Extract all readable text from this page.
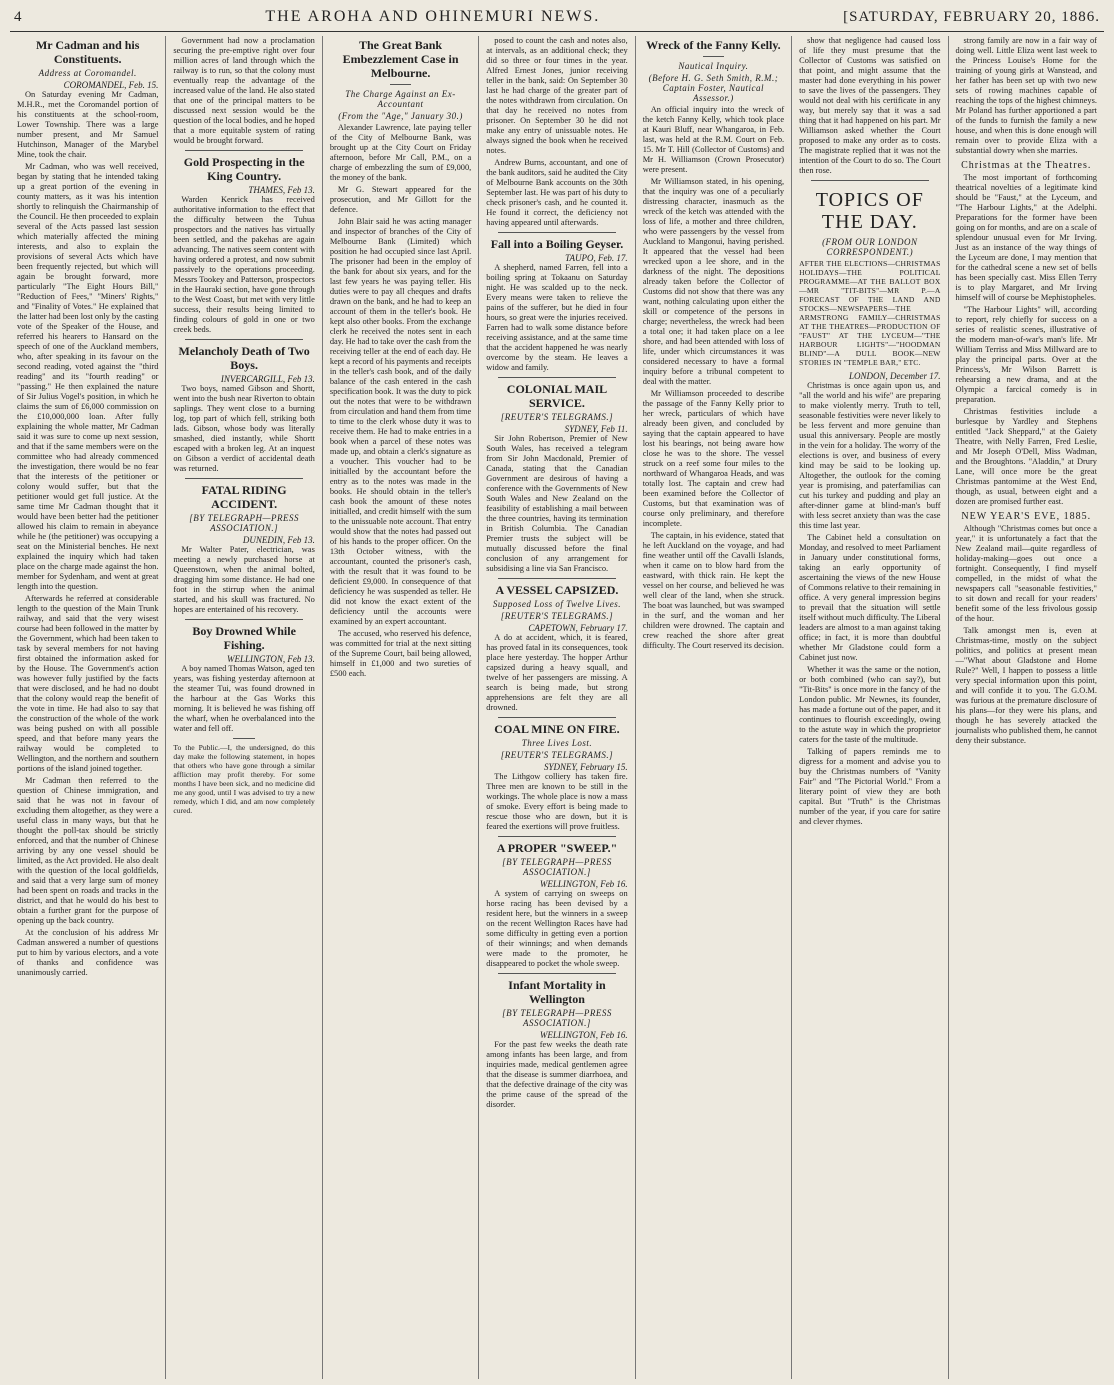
4	THE AROHA AND OHINEMURI NEWS.	[SATURDAY, FEBRUARY 20, 1886.
Mr Cadman and his Constituents.
Address at Coromandel.
COROMANDEL, Feb. 15.

On Saturday evening Mr Cadman, M.H.R., met the Coromandel portion of his constituents at the school-room, Lower Township. There was a large number present, and Mr Samuel Hutchinson, Manager of the Marybel Mine, took the chair.

Mr Cadman, who was well received, began by stating that he intended taking up a great portion of the evening in county matters, as it was his intention shortly to relinquish the Chairmanship of the Council. He then proceeded to explain several of the Acts passed last session which materially affected the mining interests, and also to explain the provisions of several Acts which have been frequently rejected, but which will again be brought forward, more particularly "The Eight Hours Bill," "Reduction of Fees," "Miners' Rights," and "Finality of Votes." He explained that the latter had been lost only by the casting vote of the Speaker of the House, and referred his hearers to Hansard on the speech of one of the Auckland members, who, after speaking in its favour on the second reading, voted against the "third reading" and its "fourth reading" or "passing." He then explained the nature of Sir Julius Vogel's position, in which he claims the sum of £6,000 commission on the £10,000,000 loan. After fully explaining the whole matter, Mr Cadman said it was sure to come up next session, and that if the same members were on the committee who had already commenced the investigation, there would be no fear that the interests of the petitioner or colony would suffer, but that the petitioner would get full justice. At the same time Mr Cadman thought that it would have been better had the petitioner allowed his claim to remain in abeyance while he (the petitioner) was occupying a seat on the Ministerial benches. He next explained the inquiry which had taken place on the charge made against the hon. member for Sydenham, and went at great length into the question.

Afterwards he referred at considerable length to the question of the Main Trunk railway, and said that the very wisest course had been followed in the matter by the Government, which had been taken to task by several members for not having first obtained the information asked for by the House. The Government's action was however fully justified by the facts that were disclosed, and he had no doubt that the colony would reap the benefit of the vote in time. He had also to say that the construction of the whole of the work was being pushed on with all possible speed, and that before many years the railway would be completed to Wellington, and the northern and southern portions of the island joined together.

Mr Cadman then referred to the question of Chinese immigration, and said that he was not in favour of excluding them altogether, as they were a useful class in many ways, but that he thought the poll-tax should be strictly enforced, and that the number of Chinese arriving by any one vessel should be limited, as the Act provided. He also dealt with the question of the local goldfields, and said that a very large sum of money had been spent on roads and tracks in the district, and that he would do his best to obtain a further grant for the purpose of opening up the back country.

At the conclusion of his address Mr Cadman answered a number of questions put to him by various electors, and a vote of thanks and confidence was unanimously carried.

Government had now a proclamation securing the pre-emptive right over four million acres of land through which the railway is to run, so that the colony must eventually reap the advantage of the increased value of the land. He also stated that one of the principal matters to be discussed next session would be the question of the local bodies, and he hoped that a more equitable system of rating would be brought forward.

Gold Prospecting in the King Country.
THAMES, Feb 13.

Warden Kenrick has received authoritative information to the effect that the difficulty between the Tuhua prospectors and the natives has virtually been settled, and the pakehas are again advancing. The natives seem content with having ordered a protest, and now submit passively to the operations proceeding. Messrs Tookey and Patterson, prospectors in the Hauraki section, have gone through to the West Coast, but met with very little success, their results being limited to finding colours of gold in one or two creek beds.

Melancholy Death of Two Boys.
INVERCARGILL, Feb 13.

Two boys, named Gibson and Shortt, went into the bush near Riverton to obtain saplings. They went close to a burning log, top part of which fell, striking both lads. Gibson, whose body was literally smashed, died instantly, while Shortt escaped with a broken leg. At an inquest on Gibson a verdict of accidental death was returned.

FATAL RIDING ACCIDENT.
[BY TELEGRAPH—PRESS ASSOCIATION.]
DUNEDIN, Feb 13.

Mr Walter Pater, electrician, was meeting a newly purchased horse at Queenstown, when the animal bolted, dragging him some distance. He had one foot in the stirrup when the animal started, and his skull was fractured. No hopes are entertained of his recovery.

Boy Drowned While Fishing.
WELLINGTON, Feb 13.

A boy named Thomas Watson, aged ten years, was fishing yesterday afternoon at the steamer Tui, was found drowned in the harbour at the Gas Works this morning. It is believed he was fishing off the wharf, when he overbalanced into the water and fell off.

To the Public.—I, the undersigned, do this day make the following statement, in hopes that others who have gone through a similar affliction may profit thereby. For some months I have been sick, and no medicine did me any good, until I was advised to try a new remedy, which I did, and am now completely cured.

The Great Bank Embezzlement Case in Melbourne.
The Charge Against an Ex-Accountant
(From the "Age," January 30.)

Alexander Lawrence, late paying teller of the City of Melbourne Bank, was brought up at the City Court on Friday afternoon, before Mr Call, P.M., on a charge of embezzling the sum of £9,000, the money of the bank.

Mr G. Stewart appeared for the prosecution, and Mr Gillott for the defence.

John Blair said he was acting manager and inspector of branches of the City of Melbourne Bank (Limited) which position he had occupied since last April. The prisoner had been in the employ of the bank for about six years, and for the last few years he was paying teller. His duties were to pay all cheques and drafts drawn on the bank, and he had to keep an account of them in the teller's book. He kept also other books. From the exchange clerk he received the notes sent in each day. He had to take over the cash from the receiving teller at the end of each day. He kept a record of his payments and receipts in the teller's cash book, and of the daily balance of the cash entered in the cash specification book. It was the duty to pick out the notes that were to be withdrawn from circulation and hand them from time to time to the clerk whose duty it was to receive them. He had to make entries in a book when a parcel of these notes was made up, and obtain a clerk's signature as a voucher. This voucher had to be initialled by the accountant before the entry as to the notes was made in the books. He should obtain in the teller's cash book the amount of these notes initialled, and credit himself with the sum to the unissuable note account. That entry would show that the notes had passed out of his hands to the proper officer. On the 13th October witness, with the accountant, counted the prisoner's cash, with the result that it was found to be deficient £9,000. In consequence of that deficiency he was suspended as teller. He did not know the exact extent of the deficiency until the accounts were examined by an expert accountant.

The accused, who reserved his defence, was committed for trial at the next sitting of the Supreme Court, bail being allowed, himself in £1,000 and two sureties of £500 each.

posed to count the cash and notes also, at intervals, as an additional check; they did so three or four times in the year. Alfred Ernest Jones, junior receiving teller in the bank, said: On September 30 last he had charge of the greater part of the notes withdrawn from circulation. On that day he received no notes from prisoner. On September 30 he did not make any entry of unissuable notes. He always signed the book when he received notes.

Andrew Burns, accountant, and one of the bank auditors, said he audited the City of Melbourne Bank accounts on the 30th September last. He was part of his duty to check prisoner's cash, and he counted it. He found it correct, the deficiency not having appeared until afterwards.

Fall into a Boiling Geyser.
TAUPO, Feb. 17.

A shepherd, named Farren, fell into a boiling spring at Tokaanu on Saturday night. He was scalded up to the neck. Every means were taken to relieve the pains of the sufferer, but he died in four hours, so great were the injuries received. Farren had to walk some distance before receiving assistance, and at the same time that the accident happened he was nearly overcome by the steam. He leaves a widow and family.

COLONIAL MAIL SERVICE.
[REUTER'S TELEGRAMS.]
SYDNEY, Feb 11.

Sir John Robertson, Premier of New South Wales, has received a telegram from Sir John Macdonald, Premier of Canada, stating that the Canadian Government are desirous of having a conference with the Governments of New South Wales and New Zealand on the feasibility of establishing a mail between the three countries, having its termination in British Columbia. The Canadian Premier trusts the subject will be mutually discussed before the final conclusion of any arrangement for subsidising a line via San Francisco.

A VESSEL CAPSIZED.
Supposed Loss of Twelve Lives.
[REUTER'S TELEGRAMS.]
CAPETOWN, February 17.

A do at accident, which, it is feared, has proved fatal in its consequences, took place here yesterday. The hopper Arthur capsized during a heavy squall, and twelve of her passengers are missing. A search is being made, but strong apprehensions are felt they are all drowned.

COAL MINE ON FIRE.
Three Lives Lost.
[REUTER'S TELEGRAMS.]
SYDNEY, February 15.

The Lithgow colliery has taken fire. Three men are known to be still in the workings. The whole place is now a mass of smoke. Every effort is being made to rescue those who are down, but it is feared the exertions will prove fruitless.

A PROPER "SWEEP."
[BY TELEGRAPH—PRESS ASSOCIATION.]
WELLINGTON, Feb 16.

A system of carrying on sweeps on horse racing has been devised by a resident here, but the winners in a sweep on the recent Wellington Races have had some difficulty in getting even a portion of their winnings; and when demands were made to the promoter, he disappeared to pocket the whole sweep.

Infant Mortality in Wellington
[BY TELEGRAPH—PRESS ASSOCIATION.]
WELLINGTON, Feb 16.

For the past few weeks the death rate among infants has been large, and from inquiries made, medical gentlemen agree that the disease is summer diarrhoea, and that the defective drainage of the city was the prime cause of the spread of the disorder.

Wreck of the Fanny Kelly.
Nautical Inquiry.
(Before H. G. Seth Smith, R.M.; Captain Foster, Nautical Assessor.)

An official inquiry into the wreck of the ketch Fanny Kelly, which took place at Kauri Bluff, near Whangaroa, in Feb. last, was held at the R.M. Court on Feb. 15. Mr T. Hill (Collector of Customs) and Mr H. Williamson (Crown Prosecutor) were present.

Mr Williamson stated, in his opening, that the inquiry was one of a peculiarly distressing character, inasmuch as the wreck of the ketch was attended with the loss of life, a mother and three children, who were passengers by the vessel from Auckland to Mangonui, having perished. It appeared that the vessel had been wrecked upon a lee shore, and in the darkness of the night. The depositions already taken before the Collector of Customs did not show that there was any want, nothing calculating upon either the skill or competence of the persons in charge; nevertheless, the wreck had been a total one; it had taken place on a lee shore, and had been attended with loss of life, under which circumstances it was considered necessary to have a formal inquiry before a tribunal competent to deal with the matter.

Mr Williamson proceeded to describe the passage of the Fanny Kelly prior to her wreck, particulars of which have already been given, and concluded by saying that the captain appeared to have lost his bearings, not being aware how close he was to the shore. The vessel struck on a reef some four miles to the northward of Whangaroa Heads, and was totally lost. The captain and crew had been examined before the Collector of Customs, but that examination was of course only preliminary, and therefore incomplete.

The captain, in his evidence, stated that he left Auckland on the voyage, and had fine weather until off the Cavalli Islands, when it came on to blow hard from the eastward, with thick rain. He kept the vessel on her course, and believed he was well clear of the land, when she struck. The boat was launched, but was swamped in the surf, and the woman and her children were drowned. The captain and crew reached the shore after great difficulty. The Court reserved its decision.

show that negligence had caused loss of life they must presume that the Collector of Customs was satisfied on that point, and might assume that the master had done everything in his power to save the lives of the passengers. They would not deal with his certificate in any way, but merely say that it was a sad thing that it had happened on his part. Mr Williamson asked whether the Court proposed to make any order as to costs. The magistrate replied that it was not the intention of the Court to do so. The Court then rose.

TOPICS OF THE DAY.
(FROM OUR LONDON CORRESPONDENT.)
AFTER THE ELECTIONS—CHRISTMAS HOLIDAYS—THE POLITICAL PROGRAMME—AT THE BALLOT BOX—MR "TIT-BITS"—MR P.—A FORECAST OF THE LAND AND STOCKS—NEWSPAPERS—THE ARMSTRONG FAMILY—CHRISTMAS AT THE THEATRES—PRODUCTION OF "FAUST" AT THE LYCEUM—"THE HARBOUR LIGHTS"—"HOODMAN BLIND"—A DULL BOOK—NEW STORIES IN "TEMPLE BAR," ETC.
LONDON, December 17.

Christmas is once again upon us, and "all the world and his wife" are preparing to make violently merry. Truth to tell, seasonable festivities were never likely to be less fervent and more genuine than usual this anniversary. People are mostly in the vein for a holiday. The worry of the elections is over, and business of every kind may be said to be looking up. Altogether, the outlook for the coming year is promising, and paterfamilias can cut his turkey and pudding and play an after-dinner game at blind-man's buff with less secret anxiety than was the case this time last year.

The Cabinet held a consultation on Monday, and resolved to meet Parliament in January under constitutional forms, taking an early opportunity of ascertaining the views of the new House of Commons relative to their remaining in office. A very general impression begins to prevail that the situation will settle itself without much difficulty. The Liberal leaders are almost to a man against taking office; in fact, it is more than doubtful whether Mr Gladstone could form a Cabinet just now.

Whether it was the same or the notion, or both combined (who can say?), but "Tit-Bits" is once more in the fancy of the London public. Mr Newnes, its founder, has made a fortune out of the paper, and it continues to flourish exceedingly, owing to the astute way in which the proprietor caters for the taste of the multitude.

Talking of papers reminds me to digress for a moment and advise you to buy the Christmas numbers of "Vanity Fair" and "The Pictorial World." From a literary point of view they are both capital. But "Truth" is the Christmas number of the year, if you care for satire and clever rhymes.

strong family are now in a fair way of doing well. Little Eliza went last week to the Princess Louise's Home for the training of young girls at Wanstead, and her father has been set up with two new sets of rowing machines capable of reaching the tops of the highest chimneys. Mr Poland has further apportioned a part of the funds to furnish the family a new house, and when this is done enough will remain over to provide Eliza with a substantial dowry when she marries.

Christmas at the Theatres.

The most important of forthcoming theatrical novelties of a legitimate kind should be "Faust," at the Lyceum, and "The Harbour Lights," at the Adelphi. Preparations for the former have been going on for months, and are on a scale of splendour unusual even for Mr Irving. Just as an instance of the way things of the Lyceum are done, I may mention that for the cathedral scene a new set of bells has been specially cast. Miss Ellen Terry is to play Margaret, and Mr Irving himself will of course be Mephistopheles.

"The Harbour Lights" will, according to report, rely chiefly for success on a series of realistic scenes, illustrative of the modern man-of-war's man's life. Mr William Terriss and Miss Millward are to play the principal parts. Over at the Princess's, Mr Wilson Barrett is rehearsing a new drama, and at the Olympic a farcical comedy is in preparation.

Christmas festivities include a burlesque by Yardley and Stephens entitled "Jack Sheppard," at the Gaiety Theatre, with Nelly Farren, Fred Leslie, and Mr Joseph O'Dell, Miss Wadman, and the Broughtons. "Aladdin," at Drury Lane, will once more be the great Christmas pantomime at the West End, though, as usual, between eight and a dozen are promised further east.

NEW YEAR'S EVE, 1885.

Although "Christmas comes but once a year," it is unfortunately a fact that the New Zealand mail—quite regardless of holiday-making—goes out once a fortnight. Consequently, I find myself compelled, in the midst of what the newspapers call "seasonable festivities," to sit down and recall for your readers' benefit some of the less frivolous gossip of the hour.

Talk amongst men is, even at Christmas-time, mostly on the subject politics, and politics at present mean—"What about Gladstone and Home Rule?" Well, I happen to possess a little very special information upon this point, and will confide it to you. The G.O.M. was furious at the premature disclosure of his plans—for they were his plans, and though he has severely attacked the journalists who published them, he cannot deny their substance.
